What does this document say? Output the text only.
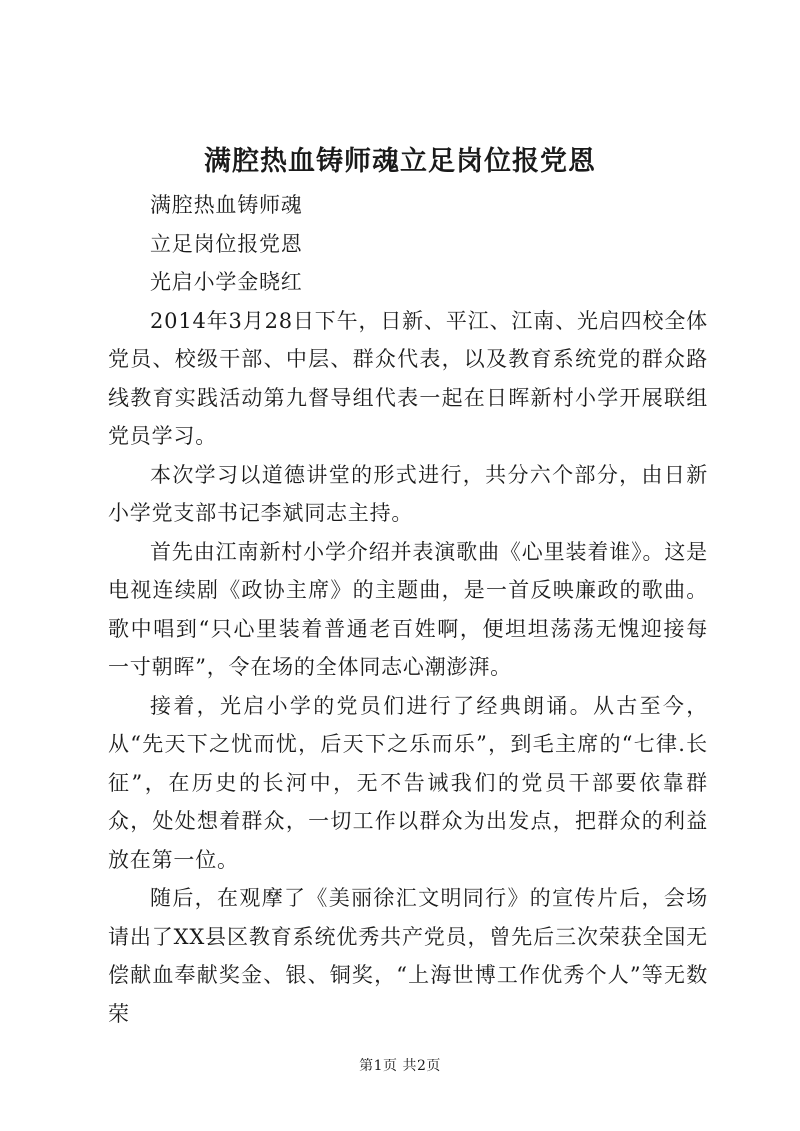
满腔热血铸师魂立足岗位报党恩

满腔热血铸师魂

立足岗位报党恩

光启小学金晓红

2014年3月28日下午，日新、平江、江南、光启四校全体党员、校级干部、中层、群众代表，以及教育系统党的群众路线教育实践活动第九督导组代表一起在日晖新村小学开展联组党员学习。

本次学习以道德讲堂的形式进行，共分六个部分，由日新小学党支部书记李斌同志主持。

首先由江南新村小学介绍并表演歌曲《心里装着谁》。这是电视连续剧《政协主席》的主题曲，是一首反映廉政的歌曲。歌中唱到“只心里装着普通老百姓啊，便坦坦荡荡无愧迎接每一寸朝晖”，令在场的全体同志心潮澎湃。

接着，光启小学的党员们进行了经典朗诵。从古至今，从“先天下之忧而忧，后天下之乐而乐”，到毛主席的“七律.长征”，在历史的长河中，无不告诫我们的党员干部要依靠群众，处处想着群众，一切工作以群众为出发点，把群众的利益放在第一位。

随后，在观摩了《美丽徐汇文明同行》的宣传片后，会场请出了XX县区教育系统优秀共产党员，曾先后三次荣获全国无偿献血奉献奖金、银、铜奖，“上海世博工作优秀个人”等无数荣

第1页 共2页
